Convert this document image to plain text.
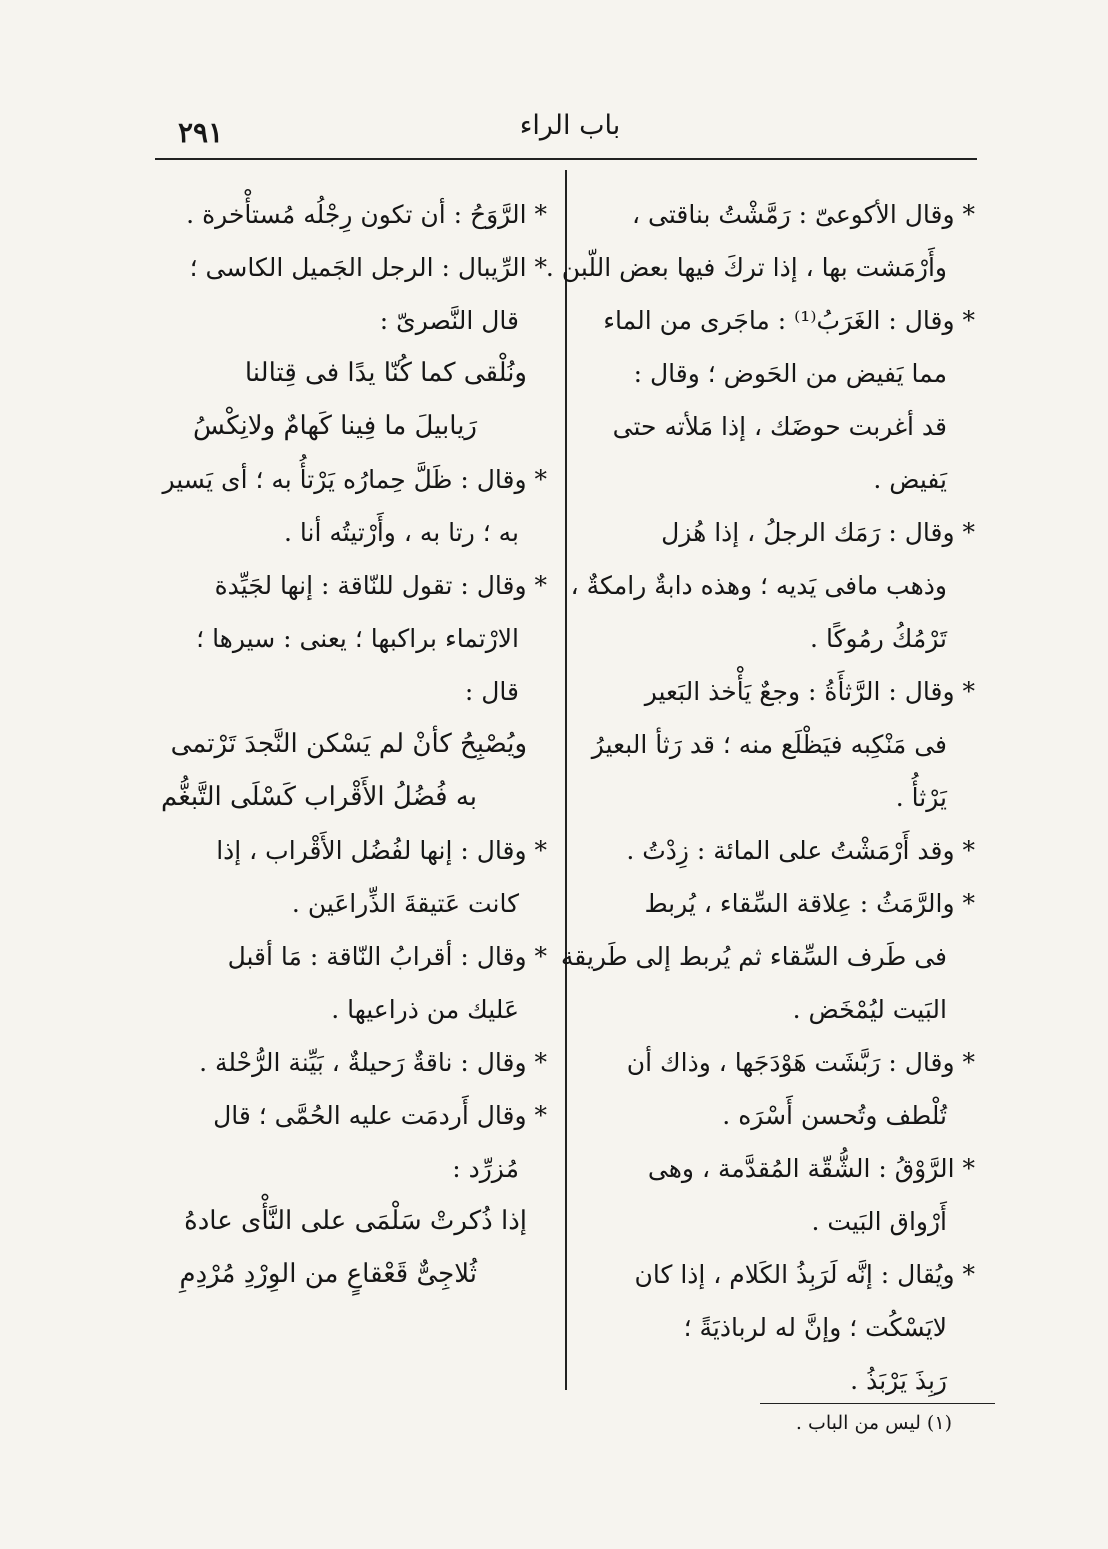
باب الراء
٢٩١
* وقال الأكوعىّ : رَمَّشْتُ بناقتى ،
وأَرْمَشت بها ، إذا تركَ فيها بعض اللّبن .
* وقال : الغَرَبُ⁽¹⁾ : ماجَرى من الماء
مما يَفيض من الحَوض ؛ وقال :
قد أغربت حوضَك ، إذا مَلأته حتى
يَفيض .
* وقال : رَمَك الرجلُ ، إذا هُزل
وذهب مافى يَديه ؛ وهذه دابةٌ رامكةٌ ،
تَرْمُكُ رمُوكًا .
* وقال : الرَّثأَةُ : وجعٌ يَأْخذ البَعير
فى مَنْكِبه فيَظْلَع منه ؛ قد رَثأ البعيرُ
يَرْثأُ .
* وقد أَرْمَشْتُ على المائة : زِدْتُ .
* والرَّمَثُ : عِلاقة السِّقاء ، يُربط
فى طَرف السِّقاء ثم يُربط إلى طَريقة
البَيت ليُمْخَض .
* وقال : رَبَّشَت هَوْدَجَها ، وذاك أن
تُلْطف وتُحسن أَسْرَه .
* الرَّوْقُ : الشُّقّة المُقدَّمة ، وهى
أَرْواق البَيت .
* ويُقال : إنَّه لَرَبِذُ الكَلام ، إذا كان
لايَسْكُت ؛ وإنَّ له لرباذيَةً ؛
رَبِذَ يَرْبَذُ .
* الرَّوَحُ : أن تكون رِجْلُه مُستأْخرة .
* الرِّيبال : الرجل الجَميل الكاسى ؛
قال النَّصرىّ :
ونُلْقى كما كُنّا يدًا فى قِتالنا
رَيابيلَ ما فِينا كَهامٌ ولانِكْسُ
* وقال : ظَلَّ حِمارُه يَرْتأُ به ؛ أى يَسير
به ؛ رتا به ، وأَرْتيتُه أنا .
* وقال : تقول للنّاقة : إنها لجَيِّدة
الارْتماء براكبها ؛ يعنى : سيرها ؛
قال :
ويُصْبِحُ كأنْ لم يَسْكن النَّجدَ تَرْتمى
به فُضُلُ الأَقْراب كَسْلَى التَّبغُّم
* وقال : إنها لفُضُل الأَقْراب ، إذا
كانت عَتيقةَ الذِّراعَين .
* وقال : أقرابُ النّاقة : مَا أقبل
عَليك من ذراعيها .
* وقال : ناقةٌ رَحيلةٌ ، بَيِّنة الرُّحْلة .
* وقال أَردمَت عليه الحُمَّى ؛ قال
مُزرِّد :
إذا ذُكرتْ سَلْمَى على النَّأْى عادهُ
ثُلاجِىٌّ قَعْقاعٍ من الوِرْدِ مُرْدِمِ
(١) ليس من الباب .
